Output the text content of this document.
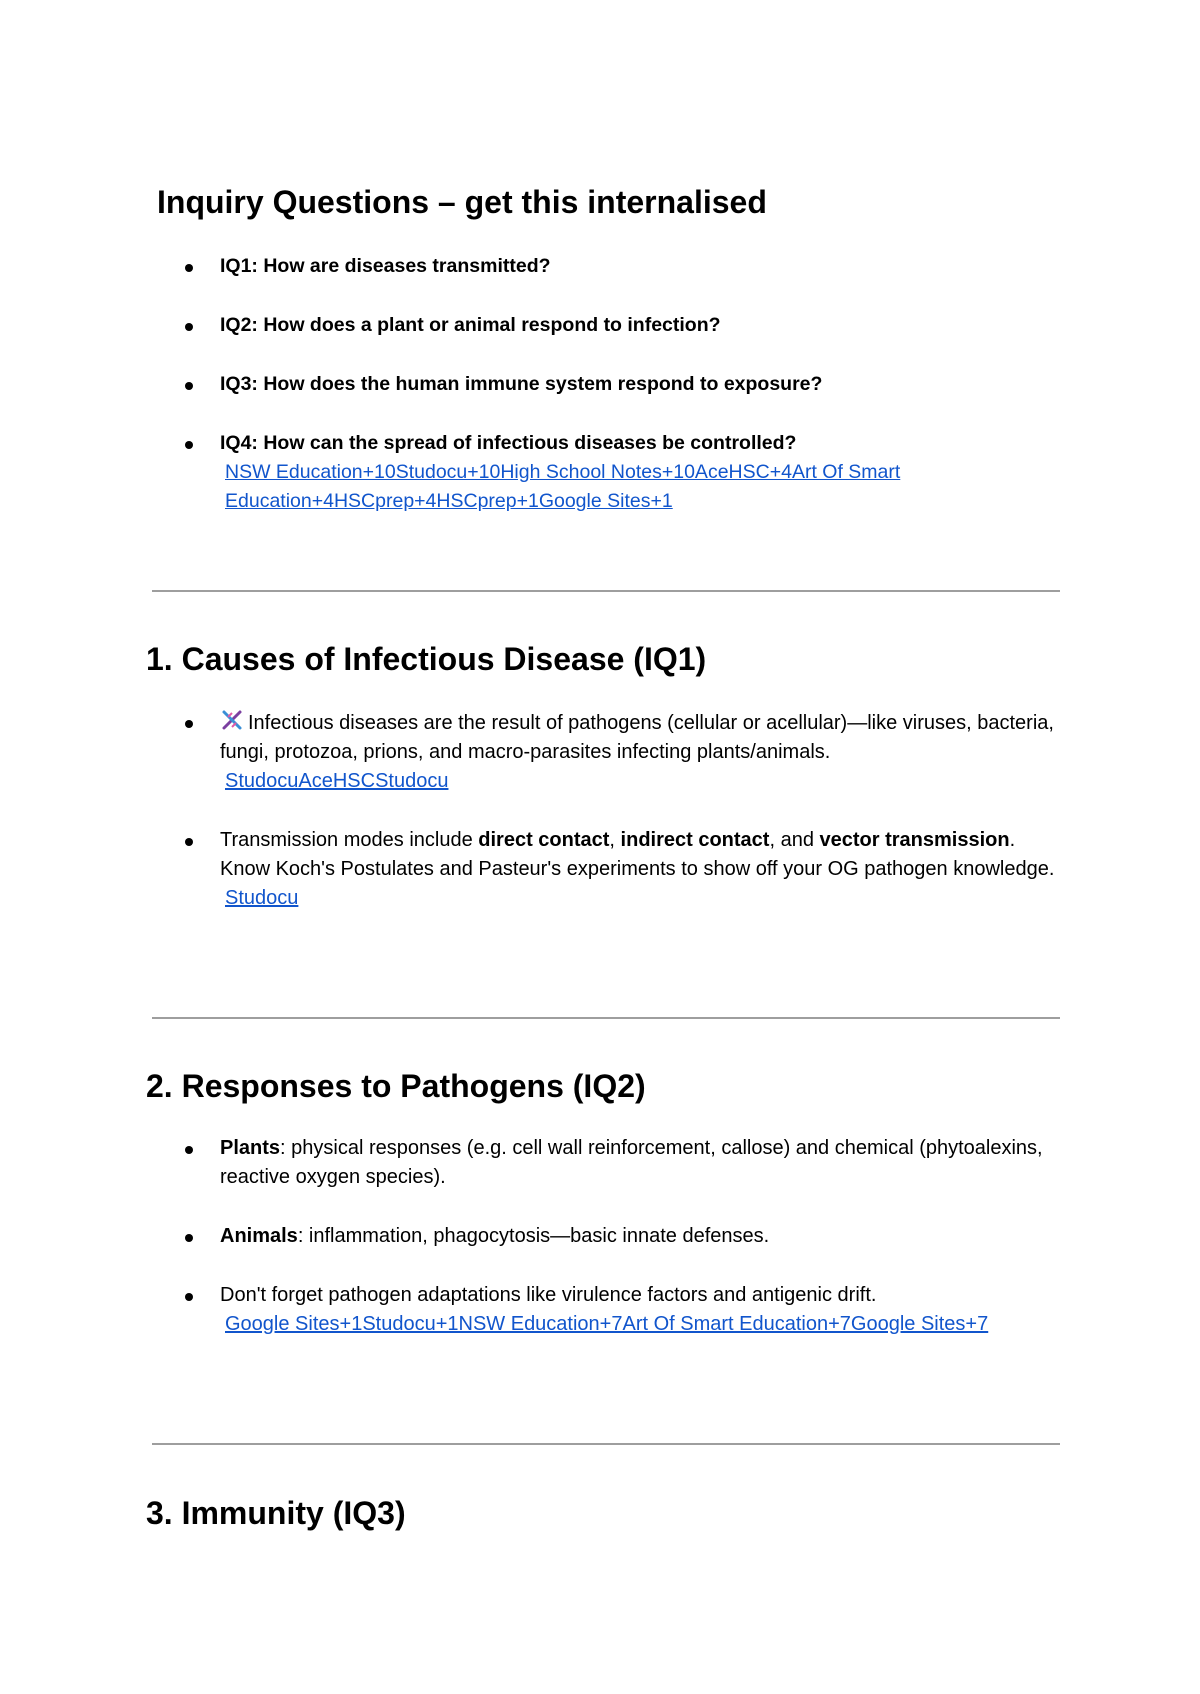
Inquiry Questions – get this internalised
IQ1: How are diseases transmitted?
IQ2: How does a plant or animal respond to infection?
IQ3: How does the human immune system respond to exposure?
IQ4: How can the spread of infectious diseases be controlled?
NSW Education+10Studocu+10High School Notes+10AceHSC+4Art Of Smart Education+4HSCprep+4HSCprep+1Google Sites+1
1. Causes of Infectious Disease (IQ1)
Infectious diseases are the result of pathogens (cellular or acellular)—like viruses, bacteria, fungi, protozoa, prions, and macro-parasites infecting plants/animals.
StudocuAceHSCStudocu
Transmission modes include direct contact, indirect contact, and vector transmission. Know Koch's Postulates and Pasteur's experiments to show off your OG pathogen knowledge.
Studocu
2. Responses to Pathogens (IQ2)
Plants: physical responses (e.g. cell wall reinforcement, callose) and chemical (phytoalexins, reactive oxygen species).
Animals: inflammation, phagocytosis—basic innate defenses.
Don't forget pathogen adaptations like virulence factors and antigenic drift.
Google Sites+1Studocu+1NSW Education+7Art Of Smart Education+7Google Sites+7
3. Immunity (IQ3)
